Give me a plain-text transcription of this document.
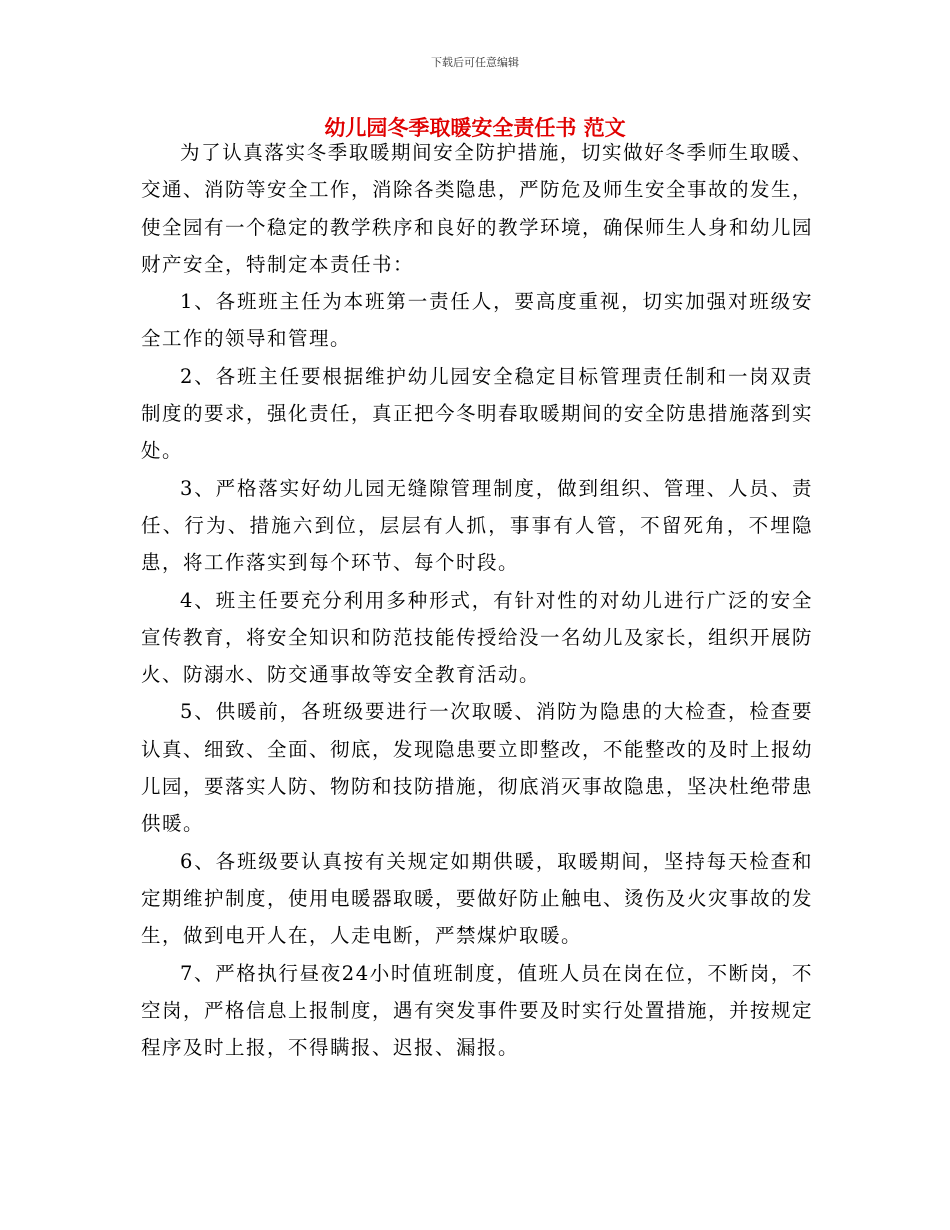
下载后可任意编辑
幼儿园冬季取暖安全责任书 范文

为了认真落实冬季取暖期间安全防护措施，切实做好冬季师生取暖、交通、消防等安全工作，消除各类隐患，严防危及师生安全事故的发生，使全园有一个稳定的教学秩序和良好的教学环境，确保师生人身和幼儿园财产安全，特制定本责任书：

1、各班班主任为本班第一责任人，要高度重视，切实加强对班级安全工作的领导和管理。

2、各班主任要根据维护幼儿园安全稳定目标管理责任制和一岗双责制度的要求，强化责任，真正把今冬明春取暖期间的安全防患措施落到实处。

3、严格落实好幼儿园无缝隙管理制度，做到组织、管理、人员、责任、行为、措施六到位，层层有人抓，事事有人管，不留死角，不埋隐患，将工作落实到每个环节、每个时段。

4、班主任要充分利用多种形式，有针对性的对幼儿进行广泛的安全宣传教育，将安全知识和防范技能传授给没一名幼儿及家长，组织开展防火、防溺水、防交通事故等安全教育活动。

5、供暖前，各班级要进行一次取暖、消防为隐患的大检查，检查要认真、细致、全面、彻底，发现隐患要立即整改，不能整改的及时上报幼儿园，要落实人防、物防和技防措施，彻底消灭事故隐患，坚决杜绝带患供暖。

6、各班级要认真按有关规定如期供暖，取暖期间，坚持每天检查和定期维护制度，使用电暖器取暖，要做好防止触电、烫伤及火灾事故的发生，做到电开人在，人走电断，严禁煤炉取暖。

7、严格执行昼夜24小时值班制度，值班人员在岗在位，不断岗，不空岗，严格信息上报制度，遇有突发事件要及时实行处置措施，并按规定程序及时上报，不得瞒报、迟报、漏报。
